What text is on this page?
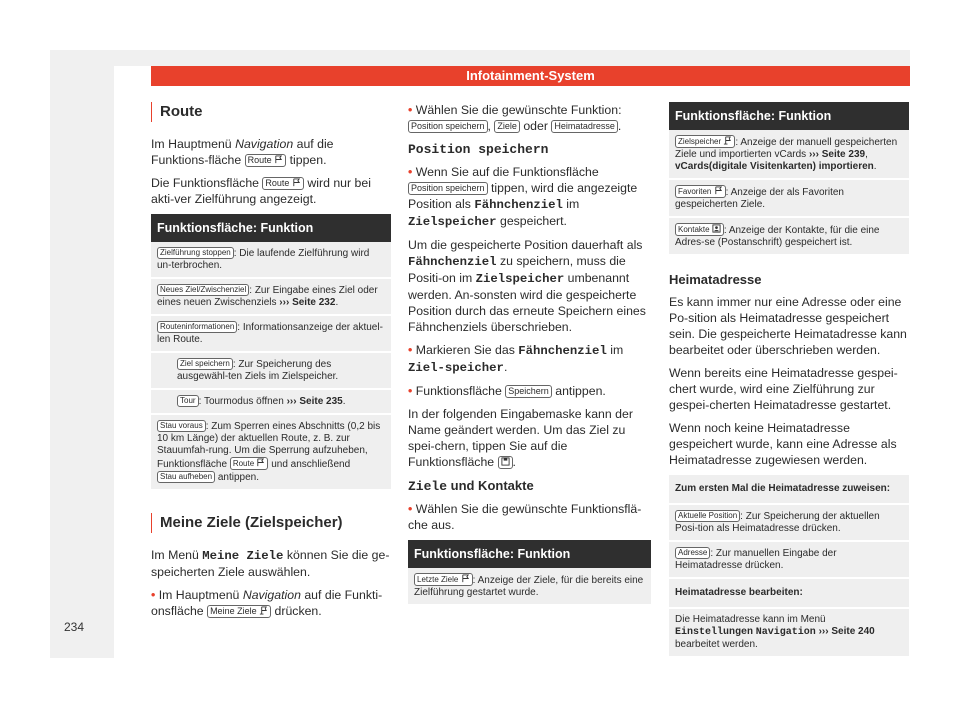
Infotainment-System
Route

Im Hauptmenü Navigation auf die Funktions-fläche Route  tippen.

Die Funktionsfläche Route  wird nur bei akti-ver Zielführung angezeigt.

Funktionsfläche: Funktion
Zielführung stoppen : Die laufende Zielführung wird un-terbrochen.
Neues Ziel/Zwischenziel : Zur Eingabe eines Ziel oder eines neuen Zwischenziels ››› Seite 232.
Routeninformationen : Informationsanzeige der aktuel-len Route.
Ziel speichern : Zur Speicherung des ausgewähl-ten Ziels im Zielspeicher.
Tour : Tourmodus öffnen ››› Seite 235.
Stau voraus : Zum Sperren eines Abschnitts (0,2 bis 10 km Länge) der aktuellen Route, z. B. zur Stauumfah-rung. Um die Sperrung aufzuheben, Funktionsfläche Route  und anschließend Stau aufheben antippen.
Meine Ziele (Zielspeicher)

Im Menü Meine Ziele können Sie die ge-speicherten Ziele auswählen.

• Im Hauptmenü Navigation auf die Funkti-onsfläche Meine Ziele  drücken.

• Wählen Sie die gewünschte Funktion: Position speichern , Ziele oder Heimatadresse .

Position speichern

• Wenn Sie auf die Funktionsfläche Position speichern tippen, wird die angezeigte Position als Fähnchenziel im Zielspeicher gespeichert.

Um die gespeicherte Position dauerhaft als Fähnchenziel zu speichern, muss die Positi-on im Zielspeicher umbenannt werden. An-sonsten wird die gespeicherte Position durch das erneute Speichern eines Fähnchenziels überschrieben.

• Markieren Sie das Fähnchenziel im Ziel-speicher.

• Funktionsfläche Speichern antippen.

In der folgenden Eingabemaske kann der Name geändert werden. Um das Ziel zu spei-chern, tippen Sie auf die Funktionsfläche .

Ziele und Kontakte

• Wählen Sie die gewünschte Funktionsflä-che aus.

Funktionsfläche: Funktion
Letzte Ziele : Anzeige der Ziele, für die bereits eine Zielführung gestartet wurde.
Funktionsfläche: Funktion
Zielspeicher : Anzeige der manuell gespeicherten Ziele und importierten vCards ››› Seite 239, vCards(digitale Visitenkarten) importieren.
Favoriten : Anzeige der als Favoriten gespeicherten Ziele.
Kontakte : Anzeige der Kontakte, für die eine Adres-se (Postanschrift) gespeichert ist.
Heimatadresse

Es kann immer nur eine Adresse oder eine Po-sition als Heimatadresse gespeichert sein. Die gespeicherte Heimatadresse kann bearbeitet oder überschrieben werden.

Wenn bereits eine Heimatadresse gespei-chert wurde, wird eine Zielführung zur gespei-cherten Heimatadresse gestartet.

Wenn noch keine Heimatadresse gespeichert wurde, kann eine Adresse als Heimatadresse zugewiesen werden.

Zum ersten Mal die Heimatadresse zuweisen:
Aktuelle Position : Zur Speicherung der aktuellen Posi-tion als Heimatadresse drücken.
Adresse : Zur manuellen Eingabe der Heimatadresse drücken.
Heimatadresse bearbeiten:
Die Heimatadresse kann im Menü Einstellungen Navigation ››› Seite 240 bearbeitet werden.
234
